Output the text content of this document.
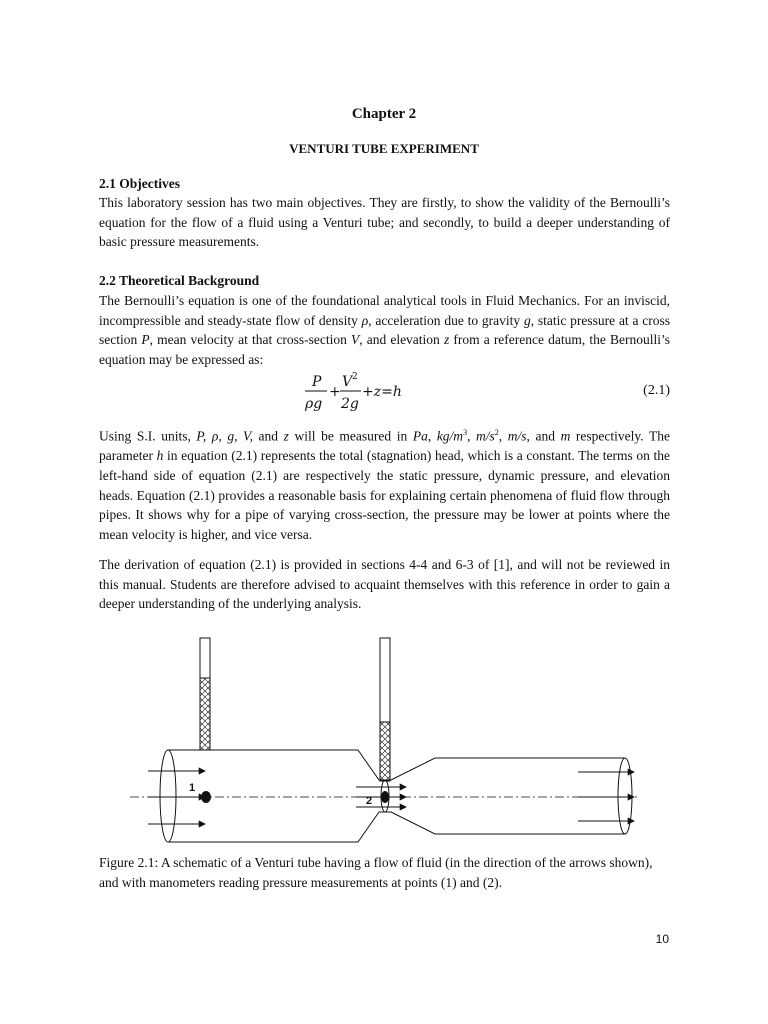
Chapter 2
VENTURI TUBE EXPERIMENT
2.1 Objectives

This laboratory session has two main objectives. They are firstly, to show the validity of the Bernoulli’s equation for the flow of a fluid using a Venturi tube; and secondly, to build a deeper understanding of basic pressure measurements.

2.2 Theoretical Background

The Bernoulli’s equation is one of the foundational analytical tools in Fluid Mechanics. For an inviscid, incompressible and steady-state flow of density ρ, acceleration due to gravity g, static pressure at a cross section P, mean velocity at that cross-section V, and elevation z from a reference datum, the Bernoulli’s equation may be expressed as:

P
ρg
+
V 2
2g
+z=h	(2.1)

Using S.I. units, P, ρ, g, V, and z will be measured in Pa, $kg/m^3$, $m/s^2$, m/s, and m respectively. The parameter h in equation (2.1) represents the total (stagnation) head, which is a constant. The terms on the left-hand side of equation (2.1) are respectively the static pressure, dynamic pressure, and elevation heads. Equation (2.1) provides a reasonable basis for explaining certain phenomena of fluid flow through pipes. It shows why for a pipe of varying cross-section, the pressure may be lower at points where the mean velocity is higher, and vice versa.

The derivation of equation (2.1) is provided in sections 4-4 and 6-3 of [1], and will not be reviewed in this manual. Students are therefore advised to acquaint themselves with this reference in order to gain a deeper understanding of the underlying analysis.

1
2

Figure 2.1: A schematic of a Venturi tube having a flow of fluid (in the direction of the arrows shown), and with manometers reading pressure measurements at points (1) and (2).

10
